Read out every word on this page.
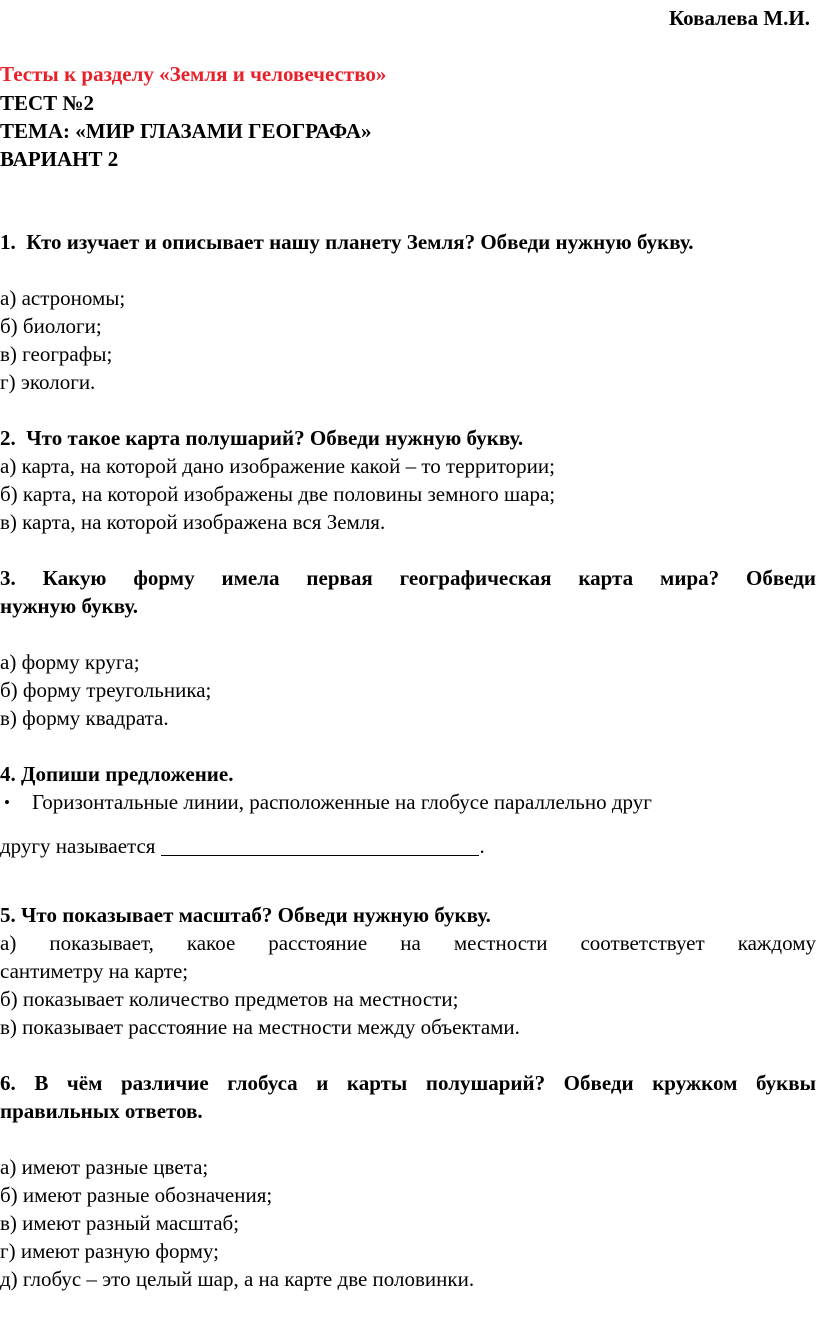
Ковалева М.И.
Тесты к разделу «Земля и человечество»
ТЕСТ №2
ТЕМА: «МИР ГЛАЗАМИ ГЕОГРАФА»
ВАРИАНТ 2
1. Кто изучает и описывает нашу планету Земля? Обведи нужную букву.
а) астрономы;
б) биологи;
в) географы;
г) экологи.
2. Что такое карта полушарий? Обведи нужную букву.
а) карта, на которой дано изображение какой – то территории;
б) карта, на которой изображены две половины земного шара;
в) карта, на которой изображена вся Земля.
3. Какую форму имела первая географическая карта мира? Обведи
нужную букву.
а) форму круга;
б) форму треугольника;
в) форму квадрата.
4. Допиши предложение.
• Горизонтальные линии, расположенные на глобусе параллельно друг
другу называется	.
5. Что показывает масштаб? Обведи нужную букву.
а) показывает, какое расстояние на местности соответствует каждому
сантиметру на карте;
б) показывает количество предметов на местности;
в) показывает расстояние на местности между объектами.
6. В чём различие глобуса и карты полушарий? Обведи кружком буквы
правильных ответов.
а) имеют разные цвета;
б) имеют разные обозначения;
в) имеют разный масштаб;
г) имеют разную форму;
д) глобус – это целый шар, а на карте две половинки.
